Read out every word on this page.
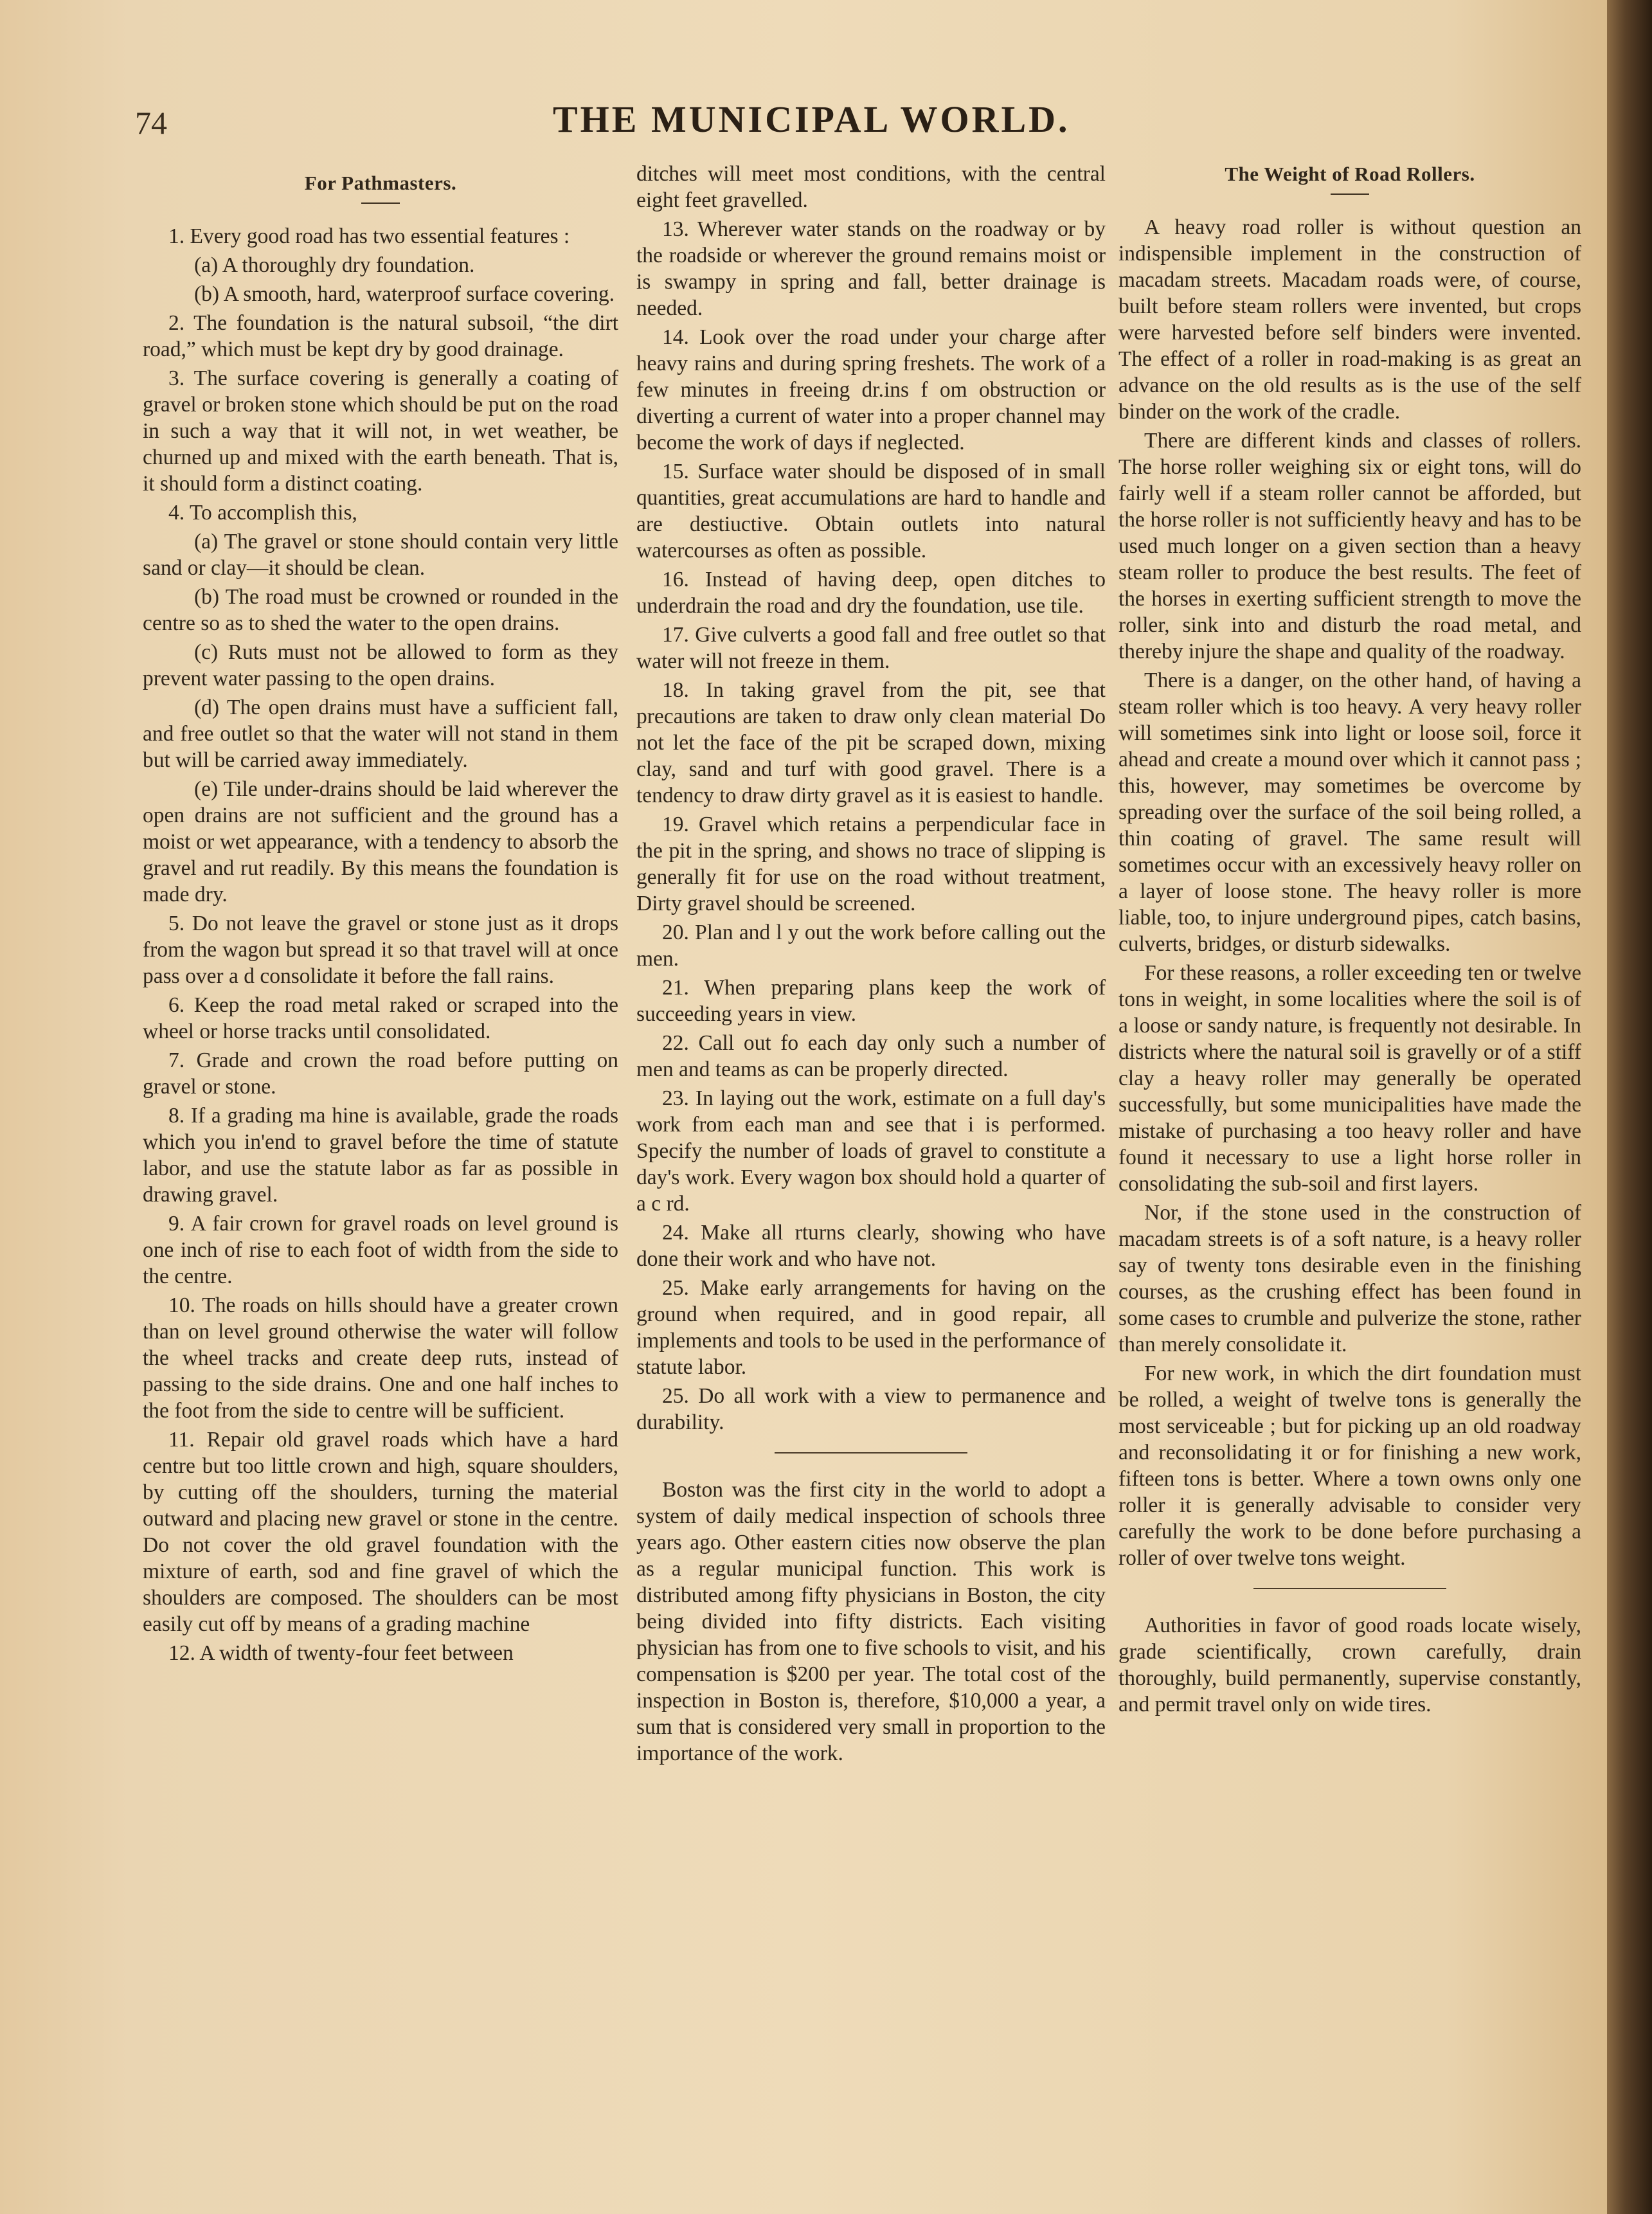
74	THE MUNICIPAL WORLD.
For Pathmasters.

1. Every good road has two essential features :

(a) A thoroughly dry foundation.

(b) A smooth, hard, waterproof surface covering.

2. The foundation is the natural subsoil, “the dirt road,” which must be kept dry by good drainage.

3. The surface covering is generally a coating of gravel or broken stone which should be put on the road in such a way that it will not, in wet weather, be churned up and mixed with the earth beneath. That is, it should form a distinct coating.

4. To accomplish this,

(a) The gravel or stone should contain very little sand or clay—it should be clean.

(b) The road must be crowned or rounded in the centre so as to shed the water to the open drains.

(c) Ruts must not be allowed to form as they prevent water passing to the open drains.

(d) The open drains must have a sufficient fall, and free outlet so that the water will not stand in them but will be carried away immediately.

(e) Tile under-drains should be laid wherever the open drains are not sufficient and the ground has a moist or wet appearance, with a tendency to absorb the gravel and rut readily. By this means the foundation is made dry.

5. Do not leave the gravel or stone just as it drops from the wagon but spread it so that travel will at once pass over a d consolidate it before the fall rains.

6. Keep the road metal raked or scraped into the wheel or horse tracks until consolidated.

7. Grade and crown the road before putting on gravel or stone.

8. If a grading ma hine is available, grade the roads which you in'end to gravel before the time of statute labor, and use the statute labor as far as possible in drawing gravel.

9. A fair crown for gravel roads on level ground is one inch of rise to each foot of width from the side to the centre.

10. The roads on hills should have a greater crown than on level ground otherwise the water will follow the wheel tracks and create deep ruts, instead of passing to the side drains. One and one half inches to the foot from the side to centre will be sufficient.

11. Repair old gravel roads which have a hard centre but too little crown and high, square shoulders, by cutting off the shoulders, turning the material outward and placing new gravel or stone in the centre. Do not cover the old gravel foundation with the mixture of earth, sod and fine gravel of which the shoulders are composed. The shoulders can be most easily cut off by means of a grading machine

12. A width of twenty-four feet between

ditches will meet most conditions, with the central eight feet gravelled.

13. Wherever water stands on the roadway or by the roadside or wherever the ground remains moist or is swampy in spring and fall, better drainage is needed.

14. Look over the road under your charge after heavy rains and during spring freshets. The work of a few minutes in freeing dr.ins f om obstruction or diverting a current of water into a proper channel may become the work of days if neglected.

15. Surface water should be disposed of in small quantities, great accumulations are hard to handle and are destiuctive. Obtain outlets into natural watercourses as often as possible.

16. Instead of having deep, open ditches to underdrain the road and dry the foundation, use tile.

17. Give culverts a good fall and free outlet so that water will not freeze in them.

18. In taking gravel from the pit, see that precautions are taken to draw only clean material Do not let the face of the pit be scraped down, mixing clay, sand and turf with good gravel. There is a tendency to draw dirty gravel as it is easiest to handle.

19. Gravel which retains a perpendicular face in the pit in the spring, and shows no trace of slipping is generally fit for use on the road without treatment, Dirty gravel should be screened.

20. Plan and l y out the work before calling out the men.

21. When preparing plans keep the work of succeeding years in view.

22. Call out fo each day only such a number of men and teams as can be properly directed.

23. In laying out the work, estimate on a full day's work from each man and see that i is performed. Specify the number of loads of gravel to constitute a day's work. Every wagon box should hold a quarter of a c rd.

24. Make all rturns clearly, showing who have done their work and who have not.

25. Make early arrangements for having on the ground when required, and in good repair, all implements and tools to be used in the performance of statute labor.

25. Do all work with a view to permanence and durability.

Boston was the first city in the world to adopt a system of daily medical inspection of schools three years ago. Other eastern cities now observe the plan as a regular municipal function. This work is distributed among fifty physicians in Boston, the city being divided into fifty districts. Each visiting physician has from one to five schools to visit, and his compensation is $200 per year. The total cost of the inspection in Boston is, therefore, $10,000 a year, a sum that is considered very small in proportion to the importance of the work.

The Weight of Road Rollers.

A heavy road roller is without question an indispensible implement in the construction of macadam streets. Macadam roads were, of course, built before steam rollers were invented, but crops were harvested before self binders were invented. The effect of a roller in road-making is as great an advance on the old results as is the use of the self binder on the work of the cradle.

There are different kinds and classes of rollers. The horse roller weighing six or eight tons, will do fairly well if a steam roller cannot be afforded, but the horse roller is not sufficiently heavy and has to be used much longer on a given section than a heavy steam roller to produce the best results. The feet of the horses in exerting sufficient strength to move the roller, sink into and disturb the road metal, and thereby injure the shape and quality of the roadway.

There is a danger, on the other hand, of having a steam roller which is too heavy. A very heavy roller will sometimes sink into light or loose soil, force it ahead and create a mound over which it cannot pass ; this, however, may sometimes be overcome by spreading over the surface of the soil being rolled, a thin coating of gravel. The same result will sometimes occur with an excessively heavy roller on a layer of loose stone. The heavy roller is more liable, too, to injure underground pipes, catch basins, culverts, bridges, or disturb sidewalks.

For these reasons, a roller exceeding ten or twelve tons in weight, in some localities where the soil is of a loose or sandy nature, is frequently not desirable. In districts where the natural soil is gravelly or of a stiff clay a heavy roller may generally be operated successfully, but some municipalities have made the mistake of purchasing a too heavy roller and have found it necessary to use a light horse roller in consolidating the sub-soil and first layers.

Nor, if the stone used in the construction of macadam streets is of a soft nature, is a heavy roller say of twenty tons desirable even in the finishing courses, as the crushing effect has been found in some cases to crumble and pulverize the stone, rather than merely consolidate it.

For new work, in which the dirt foundation must be rolled, a weight of twelve tons is generally the most serviceable ; but for picking up an old roadway and reconsolidating it or for finishing a new work, fifteen tons is better. Where a town owns only one roller it is generally advisable to consider very carefully the work to be done before purchasing a roller of over twelve tons weight.

Authorities in favor of good roads locate wisely, grade scientifically, crown carefully, drain thoroughly, build permanently, supervise constantly, and permit travel only on wide tires.
